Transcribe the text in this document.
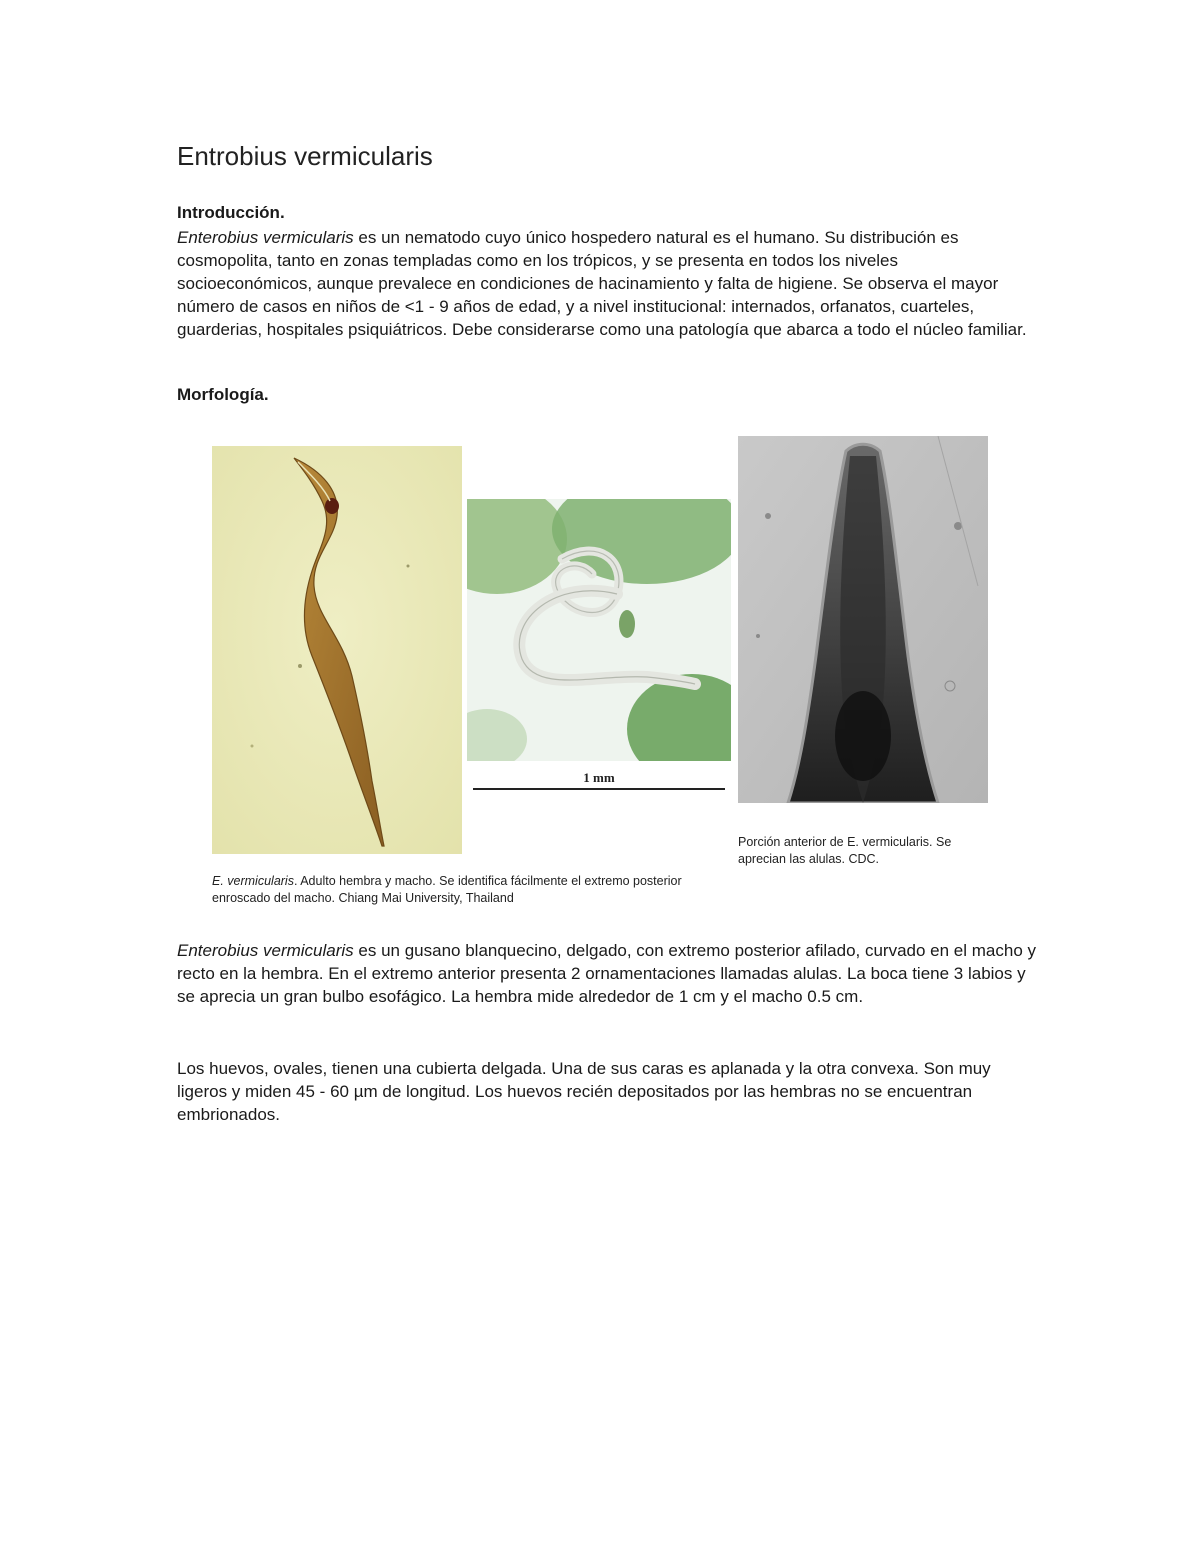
Entrobius vermicularis
Introducción.

Enterobius vermicularis es un nematodo cuyo único hospedero natural es el humano. Su distribución es cosmopolita, tanto en zonas templadas como en los trópicos, y se presenta en todos los niveles socioeconómicos, aunque prevalece en condiciones de hacinamiento y falta de higiene. Se observa el mayor número de casos en niños de <1 - 9 años de edad, y a nivel institucional: internados, orfanatos, cuarteles, guarderias, hospitales psiquiátricos. Debe considerarse como una patología que abarca a todo el núcleo familiar.

Morfología.
1 mm

Porción anterior de E. vermicularis. Se aprecian las alulas. CDC.

E. vermicularis. Adulto hembra y macho. Se identifica fácilmente el extremo posterior enroscado del macho. Chiang Mai University, Thailand

Enterobius vermicularis es un gusano blanquecino, delgado, con extremo posterior afilado, curvado en el macho y recto en la hembra. En el extremo anterior presenta 2 ornamentaciones llamadas alulas. La boca tiene 3 labios y se aprecia un gran bulbo esofágico. La hembra mide alrededor de 1 cm y el macho 0.5 cm.

Los huevos, ovales, tienen una cubierta delgada. Una de sus caras es aplanada y la otra convexa. Son muy ligeros y miden 45 - 60 µm de longitud. Los huevos recién depositados por las hembras no se encuentran embrionados.
